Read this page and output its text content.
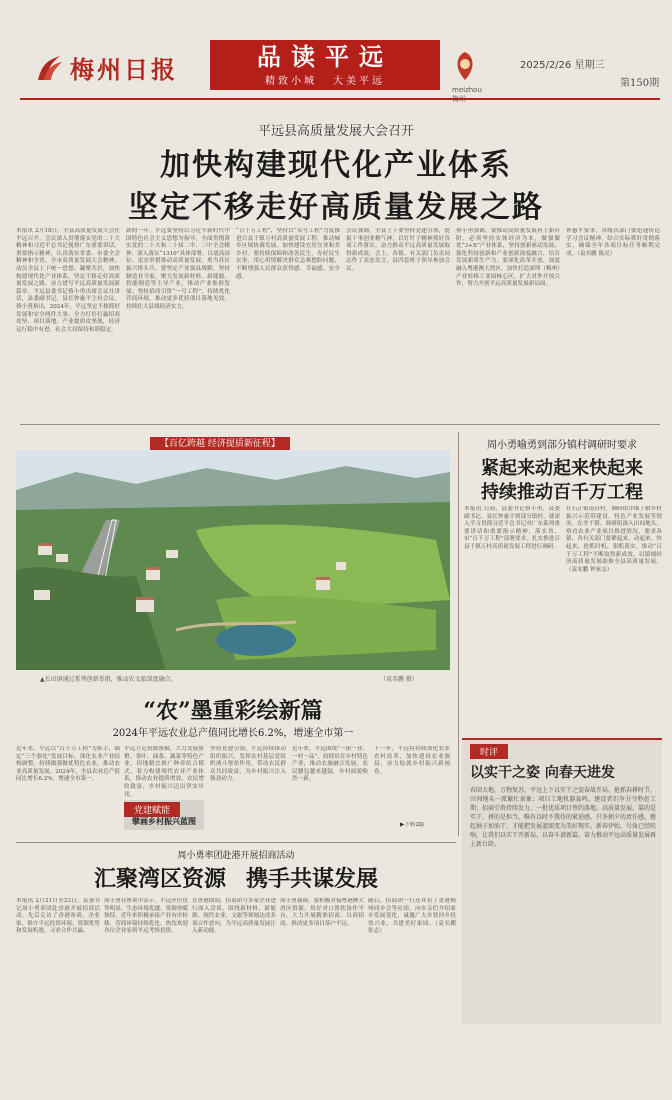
梅州日报	品读平远
精致小城 大美平远
meizhou
2025/2/26 星期三
第150期
平远县高质量发展大会召开
加快构建现代化产业体系
坚定不移走好高质量发展之路
本报讯 2月18日，全县高质量发展大会在平远召开。会议深入贯彻落实党的二十大精神和习近平总书记视察广东重要讲话、重要指示精神，认真落实省委、市委全会精神和全省、全市高质量发展大会精神，动员全县上下统一思想、凝聚共识，加快构建现代化产业体系，坚定不移走好高质量发展之路，奋力谱写平远高质量发展新篇章。平远县委书记蔡小勇出席会议并讲话，县委副书记、县长钟惠平主持会议。 蔡小勇指出，2024年，平远坚定不移抓好发展和安全两件大事，全力打好打赢招商攻坚、项目落地、产业提质攻坚战，经济运行稳中有进、社会大局保持和谐稳定。
新的一年，平远要坚持以习近平新时代中国特色社会主义思想为指导，全面贯彻落实党的二十大和二十届二中、三中全会精神，深入落实“1310”具体部署，以更高站位、更实举措推动高质量发展，勇当苏区振兴排头兵。要坚定产业强县战略，坚持制造业当家，聚力发展新材料、新能源、智能制造等主导产业，推动产业集群发展；坚持招商引资“一号工程”，持续优化营商环境，推动更多优质项目落地见效，持续壮大县域经济实力。
“百千万工程”，坚持以“头号工程”力度推进百县千镇万村高质量发展工程，推动城乡区域协调发展，加快建设宜居宜业和美乡村。要持续保障和改善民生，办好民生实事，用心用情解决群众急难愁盼问题，不断增强人民群众获得感、幸福感、安全感。
会议强调，全县上下要坚持党建引领，提振干事创业精气神，以钉钉子精神抓好各项工作落实，奋力推动平远高质量发展取得新成效。会上，各镇、有关部门负责同志作了表态发言，县四套班子领导参加会议。
蔡小勇强调，要推动高质量发展再上新台阶，必须坚持实体经济为本，做强做优“3+X”产业体系，坚持创新驱动发展，强化科技创新和产业创新深度融合，培育发展新质生产力。要深化改革开放，深度融入粤港澳大湾区，加快打造深圳（梅州）产业转移工业园核心区，扩大对外开放合作，努力开创平远高质量发展新局面。
钟惠平要求，各级各部门要迅速传达学习会议精神，结合实际抓好贯彻落实，确保全年各项目标任务顺利完成。（袁名鹏 陈亮）
【百亿跨越 经济提质新征程】
▲长田镇通过系列创新举措，推动农文旅深度融合。	（袁名鹏 摄）
“农”墨重彩绘新篇
2024年平远农业总产值同比增长6.2%，增速全市第一
近年来，平远以“百千万工程”为抓手，锚定“三个强化”发展目标，深化农业产业结构调整，持续做强做优特色农业，推动农业高质量发展。2024年，全县农业总产值同比增长6.2%，增速全市第一。
平远立足资源禀赋，大力发展脐橙、茶叶、油茶、蔬菜等特色产业，因地制宜推广种养结合模式，着力构建现代农业产业体系，推动农业提质增效、农民增收致富，乡村振兴迈出坚实步伐。
党建赋能
擘画乡村振兴蓝图
坚持党建引领，平远持续推动组织振兴，发挥农村基层党组织战斗堡垒作用，带动农民群众共同致富，为乡村振兴注入强劲动力。
近年来，平远围绕“一镇一业、一村一品”，持续培育乡村特色产业，推动农旅融合发展，农民腰包越来越鼓，乡村面貌焕然一新。
下一步，平远将持续深化农业农村改革，加快建设农业强县，奋力绘就乡村振兴新画卷。
▶下转2版
周小勇喻勇到部分镇村调研时要求
紧起来动起来快起来
持续推动百千万工程
本报讯 日前，县委书记蔡小勇，县委副书记、县长钟惠平到部分镇村，就深入学习贯彻习近平总书记对广东系列重要讲话和重要指示精神，落实省、市“百千万工程”部署要求，扎实推进百县千镇万村高质量发展工程进行调研。
在石正镇南台村，调研组详细了解乡村振兴示范带建设、特色产业发展等情况。在差干镇，调研组深入田间地头，察看农业产业项目推进情况，要求各镇、各有关部门要紧起来、动起来、快起来，抢抓时机、狠抓落实，推动“百千万工程”不断取得新成效，以镇域经济高质量发展助推全县高质量发展。（袁名鹏 钟家志）
时评
以实干之姿 向春天进发
春回大地，万物复苏，平远上下以实干之姿奋战开局。抢抓春耕时节，田间地头一派繁忙景象；项目工地机器轰鸣，建设者们争分夺秒赶工期；招商引资持续发力，一批优质项目签约落地。高质量发展，靠的是实干，拼的是担当。唯有以时不我待的紧迫感、只争朝夕的责任感，撸起袖子加油干，才能把发展蓝图变为美好现实。新春伊始，号角已经吹响，让我们以实干开新局，以奋斗谱新篇，奋力推动平远高质量发展再上新台阶。
周小勇率团赴港开展招商活动
汇聚湾区资源 携手共谋发展
本报讯 2月21日至23日，县委书记周小勇率团赴香港开展招商活动，先后走访了香港客商、企业家，推介平远投资环境、资源优势和发展机遇，寻求合作共赢。
周小勇在座谈中表示，平远区位优势明显、生态环境优越、资源禀赋独特，近年来积极承接产业有序转移，营商环境持续优化，热忱欢迎各位企业家到平远考察投资。
在香港期间，招商团与多家企业进行深入洽谈，围绕新材料、新能源、现代农业、文旅等领域达成多项合作意向，为平远高质量发展注入新动能。
周小勇强调，要积极对接粤港澳大湾区资源，用好对口帮扶协作平台，大力开展精准招商、以商招商，推动更多项目落户平远。
随后，招商团一行还拜访了香港梅州同乡会等社团，向乡亲们介绍家乡发展变化，诚邀广大乡贤回乡投资兴业、共建美好家园。（袁名鹏 张志）
